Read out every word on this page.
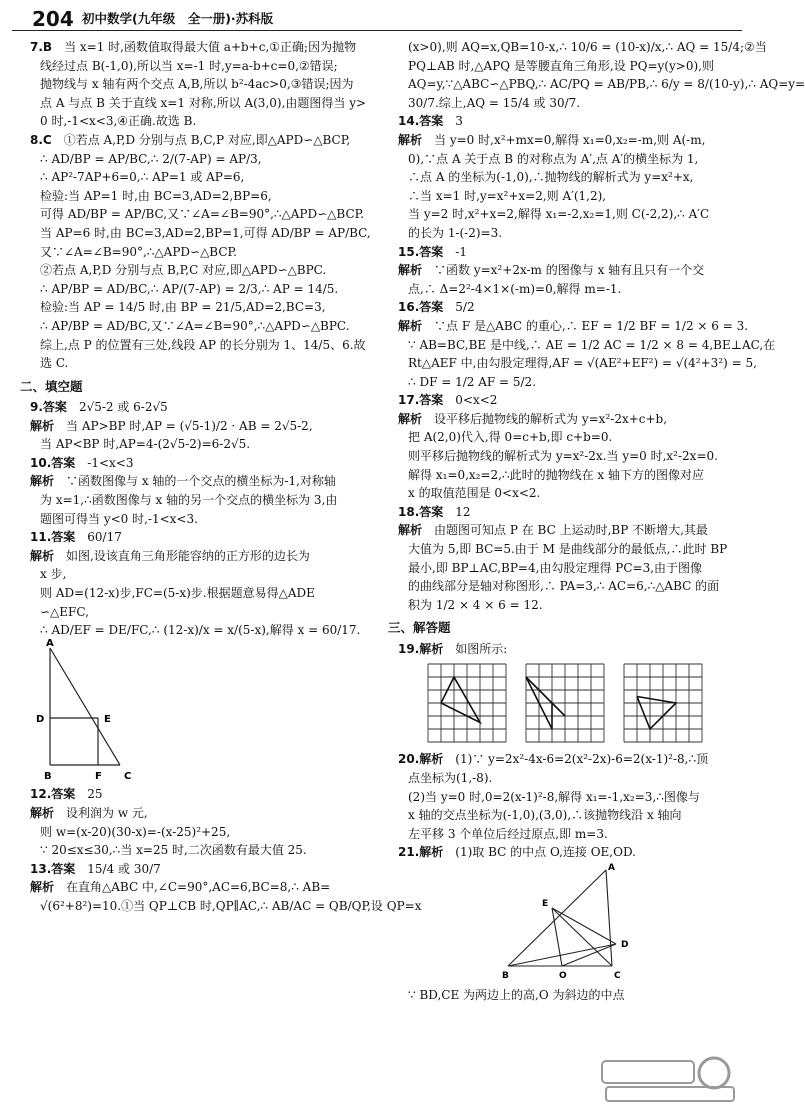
204 初中数学(九年级　全一册)·苏科版

7.B　 当 x=1 时,函数值取得最大值 a+b+c,①正确;因为抛物

线经过点 B(-1,0),所以当 x=-1 时,y=a-b+c=0,②错误;

抛物线与 x 轴有两个交点 A,B,所以 b²-4ac>0,③错误;因为

点 A 与点 B 关于直线 x=1 对称,所以 A(3,0),由题图得当 y>

0 时,-1<x<3,④正确.故选 B.

8.C　 ①若点 A,P,D 分别与点 B,C,P 对应,即△APD∽△BCP,

∴ AD/BP = AP/BC,∴ 2/(7-AP) = AP/3,

∴ AP²-7AP+6=0,∴ AP=1 或 AP=6,

检验:当 AP=1 时,由 BC=3,AD=2,BP=6,

可得 AD/BP = AP/BC,又∵∠A=∠B=90°,∴△APD∽△BCP.

当 AP=6 时,由 BC=3,AD=2,BP=1,可得 AD/BP = AP/BC,

又∵∠A=∠B=90°,∴△APD∽△BCP.

②若点 A,P,D 分别与点 B,P,C 对应,即△APD∽△BPC.

∴ AP/BP = AD/BC,∴ AP/(7-AP) = 2/3,∴ AP = 14/5.

检验:当 AP = 14/5 时,由 BP = 21/5,AD=2,BC=3,

∴ AP/BP = AD/BC,又∵∠A=∠B=90°,∴△APD∽△BPC.

综上,点 P 的位置有三处,线段 AP 的长分别为 1、14/5、6.故

选 C.

二、填空题

9.答案　 2√5-2 或 6-2√5

解析　 当 AP>BP 时,AP = (√5-1)/2 · AB = 2√5-2,

当 AP<BP 时,AP=4-(2√5-2)=6-2√5.

10.答案　 -1<x<3

解析　 ∵函数图像与 x 轴的一个交点的横坐标为-1,对称轴

为 x=1,∴函数图像与 x 轴的另一个交点的横坐标为 3,由

题图可得当 y<0 时,-1<x<3.

11.答案　 60/17

解析　 如图,设该直角三角形能容纳的正方形的边长为

x 步,

则 AD=(12-x)步,FC=(5-x)步.根据题意易得△ADE

∽△EFC,

∴ AD/EF = DE/FC,∴ (12-x)/x = x/(5-x),解得 x = 60/17.

A
D	E
B	F C

12.答案　 25

解析　 设利润为 w 元,

则 w=(x-20)(30-x)=-(x-25)²+25,

∵ 20≤x≤30,∴当 x=25 时,二次函数有最大值 25.

13.答案　 15/4 或 30/7

解析　 在直角△ABC 中,∠C=90°,AC=6,BC=8,∴ AB=

√(6²+8²)=10.①当 QP⊥CB 时,QP∥AC,∴ AB/AC = QB/QP,设 QP=x

(x>0),则 AQ=x,QB=10-x,∴ 10/6 = (10-x)/x,∴ AQ = 15/4;②当

PQ⊥AB 时,△APQ 是等腰直角三角形,设 PQ=y(y>0),则

AQ=y,∵△ABC∽△PBQ,∴ AC/PQ = AB/PB,∴ 6/y = 8/(10-y),∴ AQ=y=

30/7.综上,AQ = 15/4 或 30/7.

14.答案　 3

解析　 当 y=0 时,x²+mx=0,解得 x₁=0,x₂=-m,则 A(-m,

0),∵点 A 关于点 B 的对称点为 A′,点 A′的横坐标为 1,

∴点 A 的坐标为(-1,0),∴抛物线的解析式为 y=x²+x,

∴当 x=1 时,y=x²+x=2,则 A′(1,2),

当 y=2 时,x²+x=2,解得 x₁=-2,x₂=1,则 C(-2,2),∴ A′C

的长为 1-(-2)=3.

15.答案　 -1

解析　 ∵函数 y=x²+2x-m 的图像与 x 轴有且只有一个交

点,∴ Δ=2²-4×1×(-m)=0,解得 m=-1.

16.答案　 5/2

解析　 ∵点 F 是△ABC 的重心,∴ EF = 1/2 BF = 1/2 × 6 = 3.

∵ AB=BC,BE 是中线,∴ AE = 1/2 AC = 1/2 × 8 = 4,BE⊥AC,在

Rt△AEF 中,由勾股定理得,AF = √(AE²+EF²) = √(4²+3²) = 5,

∴ DF = 1/2 AF = 5/2.

17.答案　 0<x<2

解析　 设平移后抛物线的解析式为 y=x²-2x+c+b,

把 A(2,0)代入,得 0=c+b,即 c+b=0.

则平移后抛物线的解析式为 y=x²-2x.当 y=0 时,x²-2x=0.

解得 x₁=0,x₂=2,∴此时的抛物线在 x 轴下方的图像对应

x 的取值范围是 0<x<2.

18.答案　 12

解析　 由题图可知点 P 在 BC 上运动时,BP 不断增大,其最

大值为 5,即 BC=5.由于 M 是曲线部分的最低点,∴此时 BP

最小,即 BP⊥AC,BP=4,由勾股定理得 PC=3,由于图像

的曲线部分是轴对称图形,∴ PA=3,∴ AC=6,∴△ABC 的面

积为 1/2 × 4 × 6 = 12.

三、解答题

19.解析　 如图所示:

20.解析　 (1)∵ y=2x²-4x-6=2(x²-2x)-6=2(x-1)²-8,∴顶

点坐标为(1,-8).

(2)当 y=0 时,0=2(x-1)²-8,解得 x₁=-1,x₂=3,∴图像与

x 轴的交点坐标为(-1,0),(3,0),∴该抛物线沿 x 轴向

左平移 3 个单位后经过原点,即 m=3.

21.解析　 (1)取 BC 的中点 O,连接 OE,OD.

A
E
D
B	O	C

∵ BD,CE 为两边上的高,O 为斜边的中点
